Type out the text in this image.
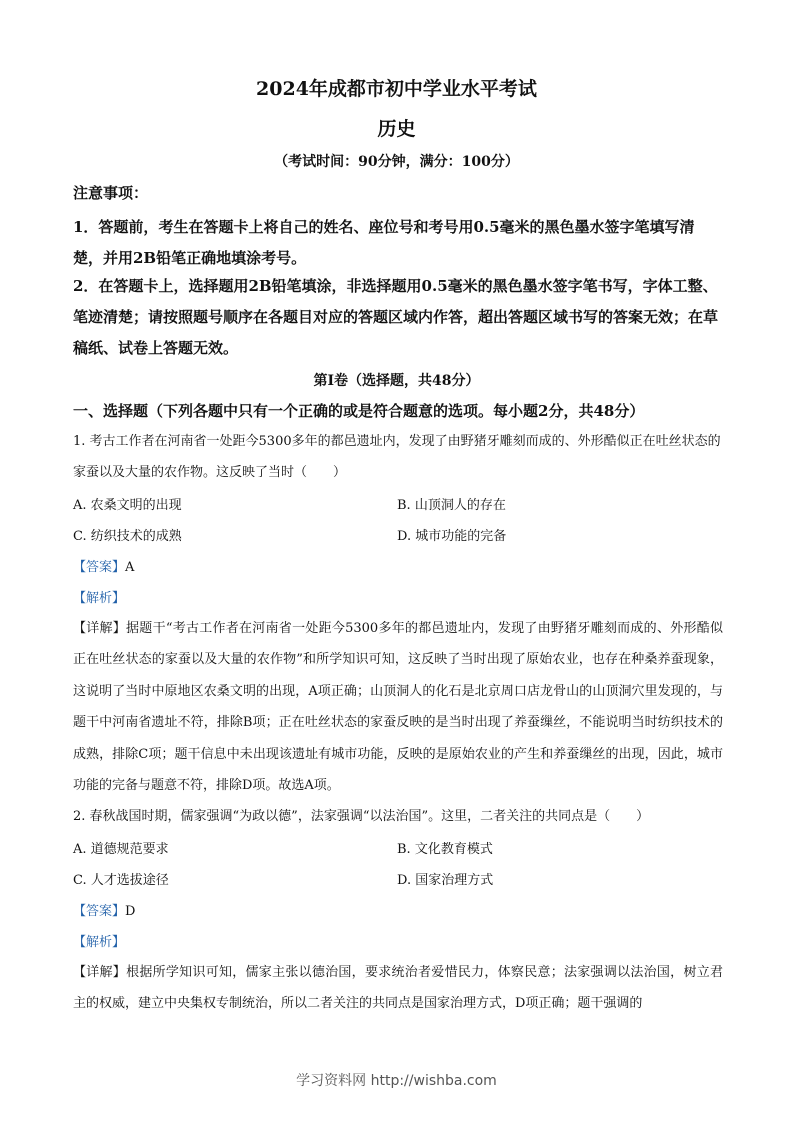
2024年成都市初中学业水平考试
历史
（考试时间：90分钟，满分：100分）
注意事项：
1．答题前，考生在答题卡上将自己的姓名、座位号和考号用0.5毫米的黑色墨水签字笔填写清楚，并用2B铅笔正确地填涂考号。
2．在答题卡上，选择题用2B铅笔填涂，非选择题用0.5毫米的黑色墨水签字笔书写，字体工整、笔迹清楚；请按照题号顺序在各题目对应的答题区域内作答，超出答题区域书写的答案无效；在草稿纸、试卷上答题无效。
第Ⅰ卷（选择题，共48分）
一、选择题（下列各题中只有一个正确的或是符合题意的选项。每小题2分，共48分）
1. 考古工作者在河南省一处距今5300多年的都邑遗址内，发现了由野猪牙雕刻而成的、外形酷似正在吐丝状态的家蚕以及大量的农作物。这反映了当时（　　）
A. 农桑文明的出现	B. 山顶洞人的存在
C. 纺织技术的成熟	D. 城市功能的完备
【答案】A
【解析】
【详解】据题干“考古工作者在河南省一处距今5300多年的都邑遗址内，发现了由野猪牙雕刻而成的、外形酷似正在吐丝状态的家蚕以及大量的农作物”和所学知识可知，这反映了当时出现了原始农业，也存在种桑养蚕现象，这说明了当时中原地区农桑文明的出现，A项正确；山顶洞人的化石是北京周口店龙骨山的山顶洞穴里发现的，与题干中河南省遗址不符，排除B项；正在吐丝状态的家蚕反映的是当时出现了养蚕缫丝，不能说明当时纺织技术的成熟，排除C项；题干信息中未出现该遗址有城市功能，反映的是原始农业的产生和养蚕缫丝的出现，因此，城市功能的完备与题意不符，排除D项。故选A项。
2. 春秋战国时期，儒家强调“为政以德”，法家强调“以法治国”。这里，二者关注的共同点是（　　）
A. 道德规范要求	B. 文化教育模式
C. 人才选拔途径	D. 国家治理方式
【答案】D
【解析】
【详解】根据所学知识可知，儒家主张以德治国，要求统治者爱惜民力，体察民意；法家强调以法治国，树立君主的权威，建立中央集权专制统治，所以二者关注的共同点是国家治理方式，D项正确；题干强调的
学习资料网 http://wishba.com
